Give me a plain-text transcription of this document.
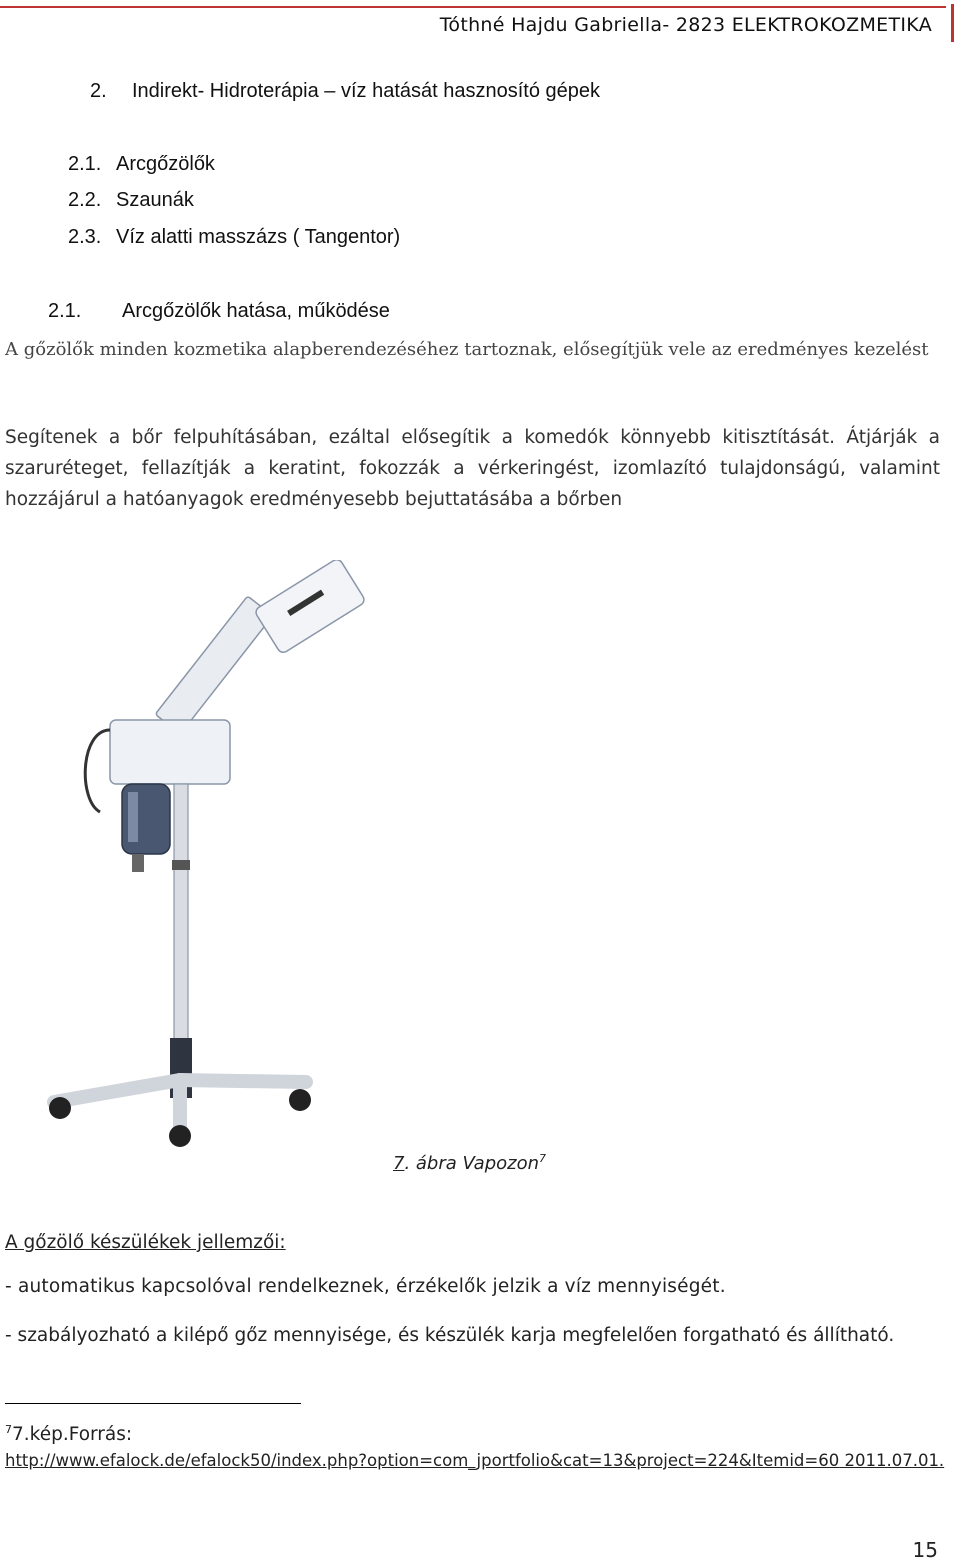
Tóthné Hajdu Gabriella- 2823 ELEKTROKOZMETIKA
2. Indirekt- Hidroterápia – víz hatását hasznosító gépek
2.1. Arcgőzölők
2.2. Szaunák
2.3. Víz alatti masszázs ( Tangentor)
2.1. Arcgőzölők hatása, működése
A gőzölők minden kozmetika alapberendezéséhez tartoznak, elősegítjük vele az eredményes kezelést
Segítenek a bőr felpuhításában, ezáltal elősegítik a komedók könnyebb kitisztítását. Átjárják a szaruréteget, fellazítják a keratint, fokozzák a vérkeringést, izomlazító tulajdonságú, valamint hozzájárul a hatóanyagok eredményesebb bejuttatásába a bőrben
7. ábra Vapozon$^7$
A gőzölő készülékek jellemzői:
- automatikus kapcsolóval rendelkeznek, érzékelők jelzik a víz mennyiségét.
- szabályozható a kilépő gőz mennyisége, és készülék karja megfelelően forgatható és állítható.
$^7$7.kép.Forrás:
http://www.efalock.de/efalock50/index.php?option=com_jportfolio&cat=13&project=224&Itemid=60 2011.07.01.
15
